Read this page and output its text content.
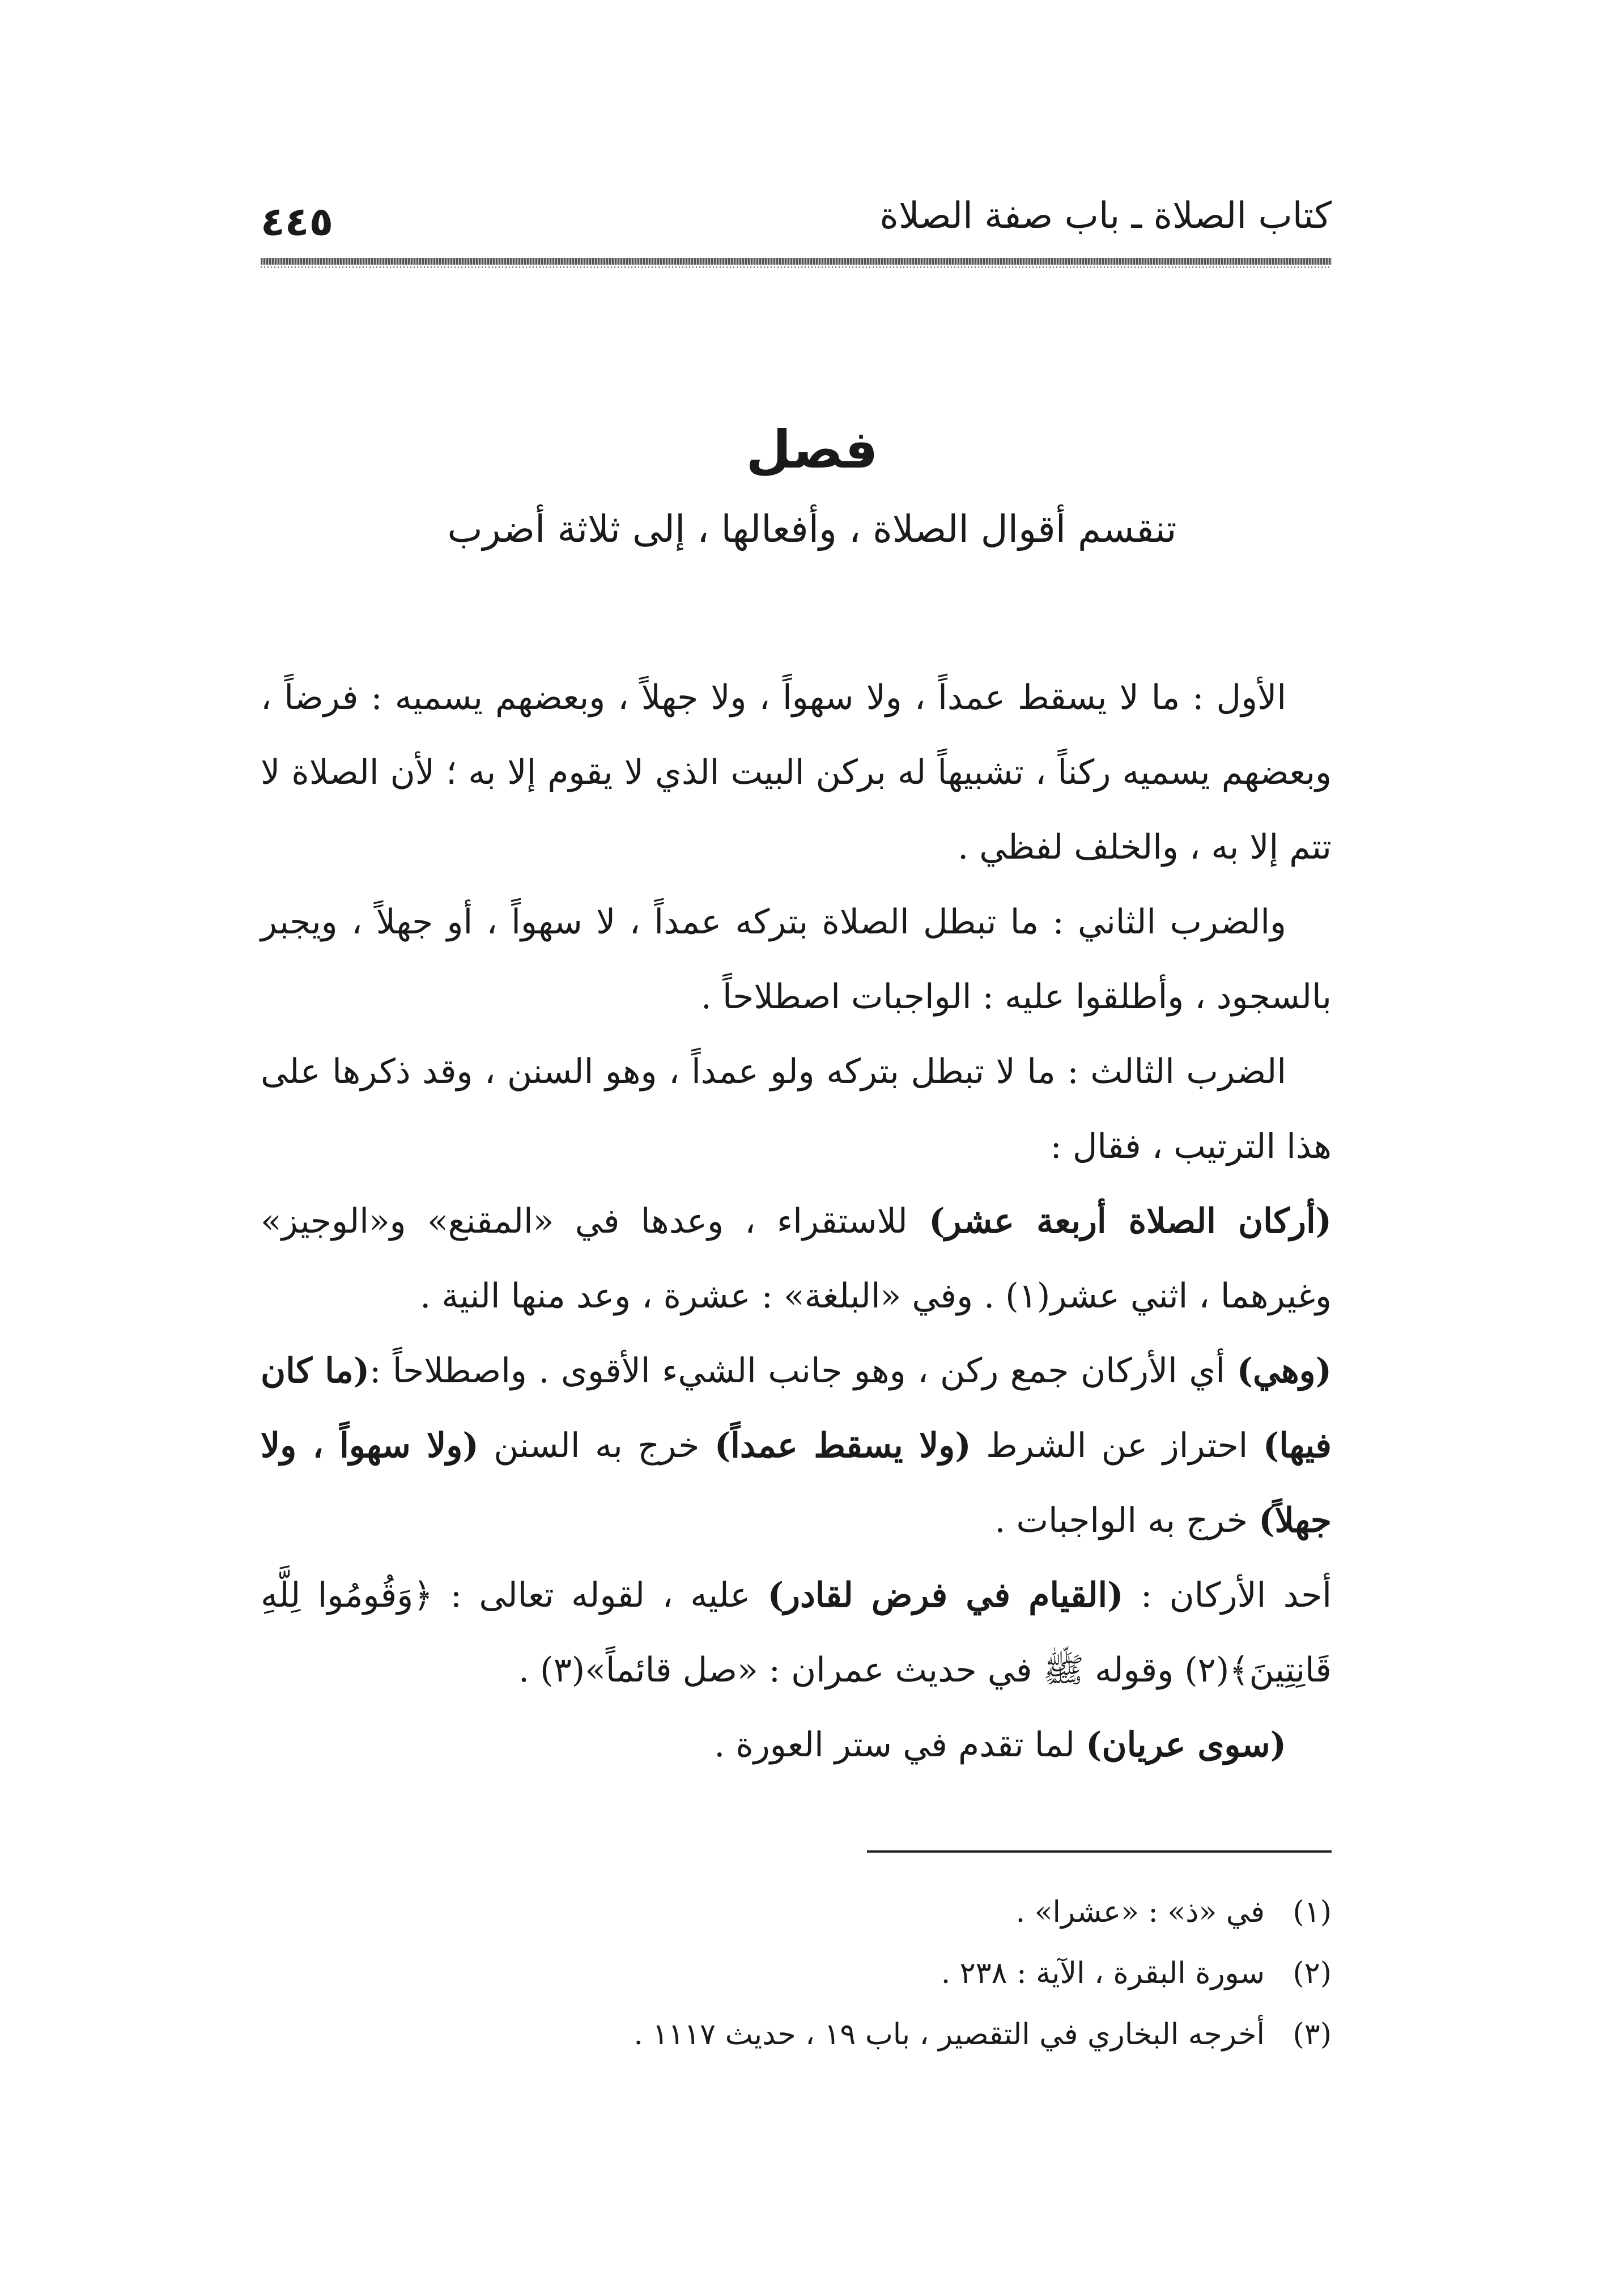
٤٤٥	كتاب الصلاة ـ باب صفة الصلاة
فصل
تنقسم أقوال الصلاة ، وأفعالها ، إلى ثلاثة أضرب

الأول : ما لا يسقط عمداً ، ولا سهواً ، ولا جهلاً ، وبعضهم يسميه : فرضاً ، وبعضهم يسميه ركناً ، تشبيهاً له بركن البيت الذي لا يقوم إلا به ؛ لأن الصلاة لا تتم إلا به ، والخلف لفظي .

والضرب الثاني : ما تبطل الصلاة بتركه عمداً ، لا سهواً ، أو جهلاً ، ويجبر بالسجود ، وأطلقوا عليه : الواجبات اصطلاحاً .

الضرب الثالث : ما لا تبطل بتركه ولو عمداً ، وهو السنن ، وقد ذكرها على هذا الترتيب ، فقال :

(أركان الصلاة أربعة عشر) للاستقراء ، وعدها في «المقنع» و«الوجيز» وغيرهما ، اثني عشر(١) . وفي «البلغة» : عشرة ، وعد منها النية .

(وهي) أي الأركان جمع ركن ، وهو جانب الشيء الأقوى . واصطلاحاً :(ما كان فيها) احتراز عن الشرط (ولا يسقط عمداً) خرج به السنن (ولا سهواً ، ولا جهلاً) خرج به الواجبات .

أحد الأركان : (القيام في فرض لقادر) عليه ، لقوله تعالى : ﴿وَقُومُوا لِلَّهِ قَانِتِينَ﴾(٢) وقوله ﷺ في حديث عمران : «صل قائماً»(٣) .

(سوى عريان) لما تقدم في ستر العورة .

(١)
في «ذ» : «عشرا» .
(٢)
سورة البقرة ، الآية : ٢٣٨ .
(٣)
أخرجه البخاري في التقصير ، باب ١٩ ، حديث ١١١٧ .
